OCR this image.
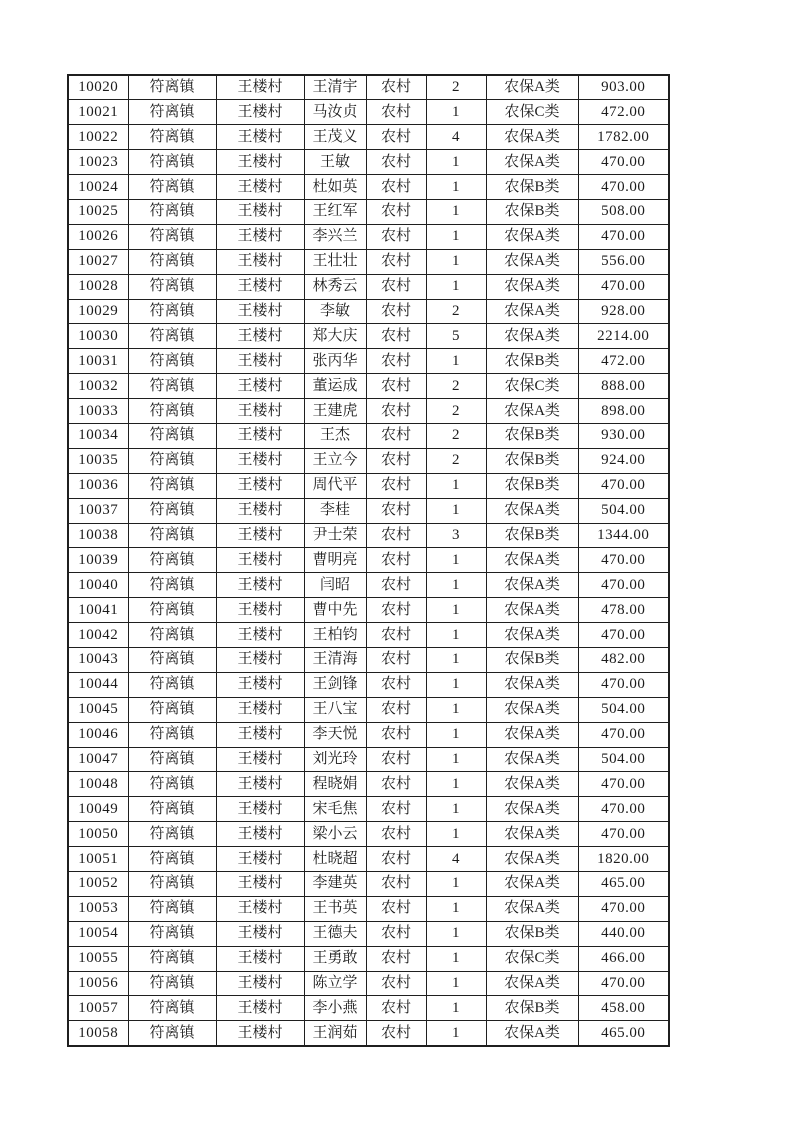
10020	符离镇	王楼村	王清宇	农村	2	农保A类	903.00
10021	符离镇	王楼村	马汝贞	农村	1	农保C类	472.00
10022	符离镇	王楼村	王茂义	农村	4	农保A类	1782.00
10023	符离镇	王楼村	王敏	农村	1	农保A类	470.00
10024	符离镇	王楼村	杜如英	农村	1	农保B类	470.00
10025	符离镇	王楼村	王红军	农村	1	农保B类	508.00
10026	符离镇	王楼村	李兴兰	农村	1	农保A类	470.00
10027	符离镇	王楼村	王壮壮	农村	1	农保A类	556.00
10028	符离镇	王楼村	林秀云	农村	1	农保A类	470.00
10029	符离镇	王楼村	李敏	农村	2	农保A类	928.00
10030	符离镇	王楼村	郑大庆	农村	5	农保A类	2214.00
10031	符离镇	王楼村	张丙华	农村	1	农保B类	472.00
10032	符离镇	王楼村	董运成	农村	2	农保C类	888.00
10033	符离镇	王楼村	王建虎	农村	2	农保A类	898.00
10034	符离镇	王楼村	王杰	农村	2	农保B类	930.00
10035	符离镇	王楼村	王立今	农村	2	农保B类	924.00
10036	符离镇	王楼村	周代平	农村	1	农保B类	470.00
10037	符离镇	王楼村	李桂	农村	1	农保A类	504.00
10038	符离镇	王楼村	尹士荣	农村	3	农保B类	1344.00
10039	符离镇	王楼村	曹明亮	农村	1	农保A类	470.00
10040	符离镇	王楼村	闫昭	农村	1	农保A类	470.00
10041	符离镇	王楼村	曹中先	农村	1	农保A类	478.00
10042	符离镇	王楼村	王柏钧	农村	1	农保A类	470.00
10043	符离镇	王楼村	王清海	农村	1	农保B类	482.00
10044	符离镇	王楼村	王剑锋	农村	1	农保A类	470.00
10045	符离镇	王楼村	王八宝	农村	1	农保A类	504.00
10046	符离镇	王楼村	李天悦	农村	1	农保A类	470.00
10047	符离镇	王楼村	刘光玲	农村	1	农保A类	504.00
10048	符离镇	王楼村	程晓娟	农村	1	农保A类	470.00
10049	符离镇	王楼村	宋毛焦	农村	1	农保A类	470.00
10050	符离镇	王楼村	梁小云	农村	1	农保A类	470.00
10051	符离镇	王楼村	杜晓超	农村	4	农保A类	1820.00
10052	符离镇	王楼村	李建英	农村	1	农保A类	465.00
10053	符离镇	王楼村	王书英	农村	1	农保A类	470.00
10054	符离镇	王楼村	王德夫	农村	1	农保B类	440.00
10055	符离镇	王楼村	王勇敢	农村	1	农保C类	466.00
10056	符离镇	王楼村	陈立学	农村	1	农保A类	470.00
10057	符离镇	王楼村	李小燕	农村	1	农保B类	458.00
10058	符离镇	王楼村	王润茹	农村	1	农保A类	465.00
